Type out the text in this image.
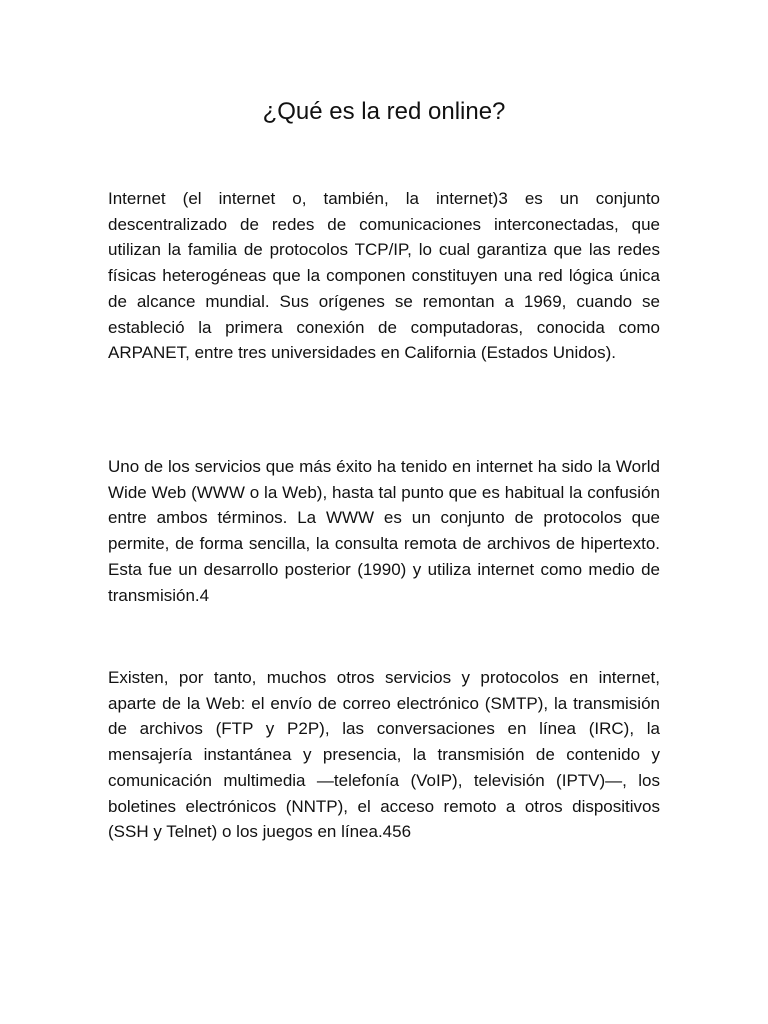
¿Qué es la red online?

Internet (el internet o, también, la internet)3 es un conjunto descentralizado de redes de comunicaciones interconectadas, que utilizan la familia de protocolos TCP/IP, lo cual garantiza que las redes físicas heterogéneas que la componen constituyen una red lógica única de alcance mundial. Sus orígenes se remontan a 1969, cuando se estableció la primera conexión de computadoras, conocida como ARPANET, entre tres universidades en California (Estados Unidos).

Uno de los servicios que más éxito ha tenido en internet ha sido la World Wide Web (WWW o la Web), hasta tal punto que es habitual la confusión entre ambos términos. La WWW es un conjunto de protocolos que permite, de forma sencilla, la consulta remota de archivos de hipertexto. Esta fue un desarrollo posterior (1990) y utiliza internet como medio de transmisión.4

Existen, por tanto, muchos otros servicios y protocolos en internet, aparte de la Web: el envío de correo electrónico (SMTP), la transmisión de archivos (FTP y P2P), las conversaciones en línea (IRC), la mensajería instantánea y presencia, la transmisión de contenido y comunicación multimedia —telefonía (VoIP), televisión (IPTV)—, los boletines electrónicos (NNTP), el acceso remoto a otros dispositivos (SSH y Telnet) o los juegos en línea.456
